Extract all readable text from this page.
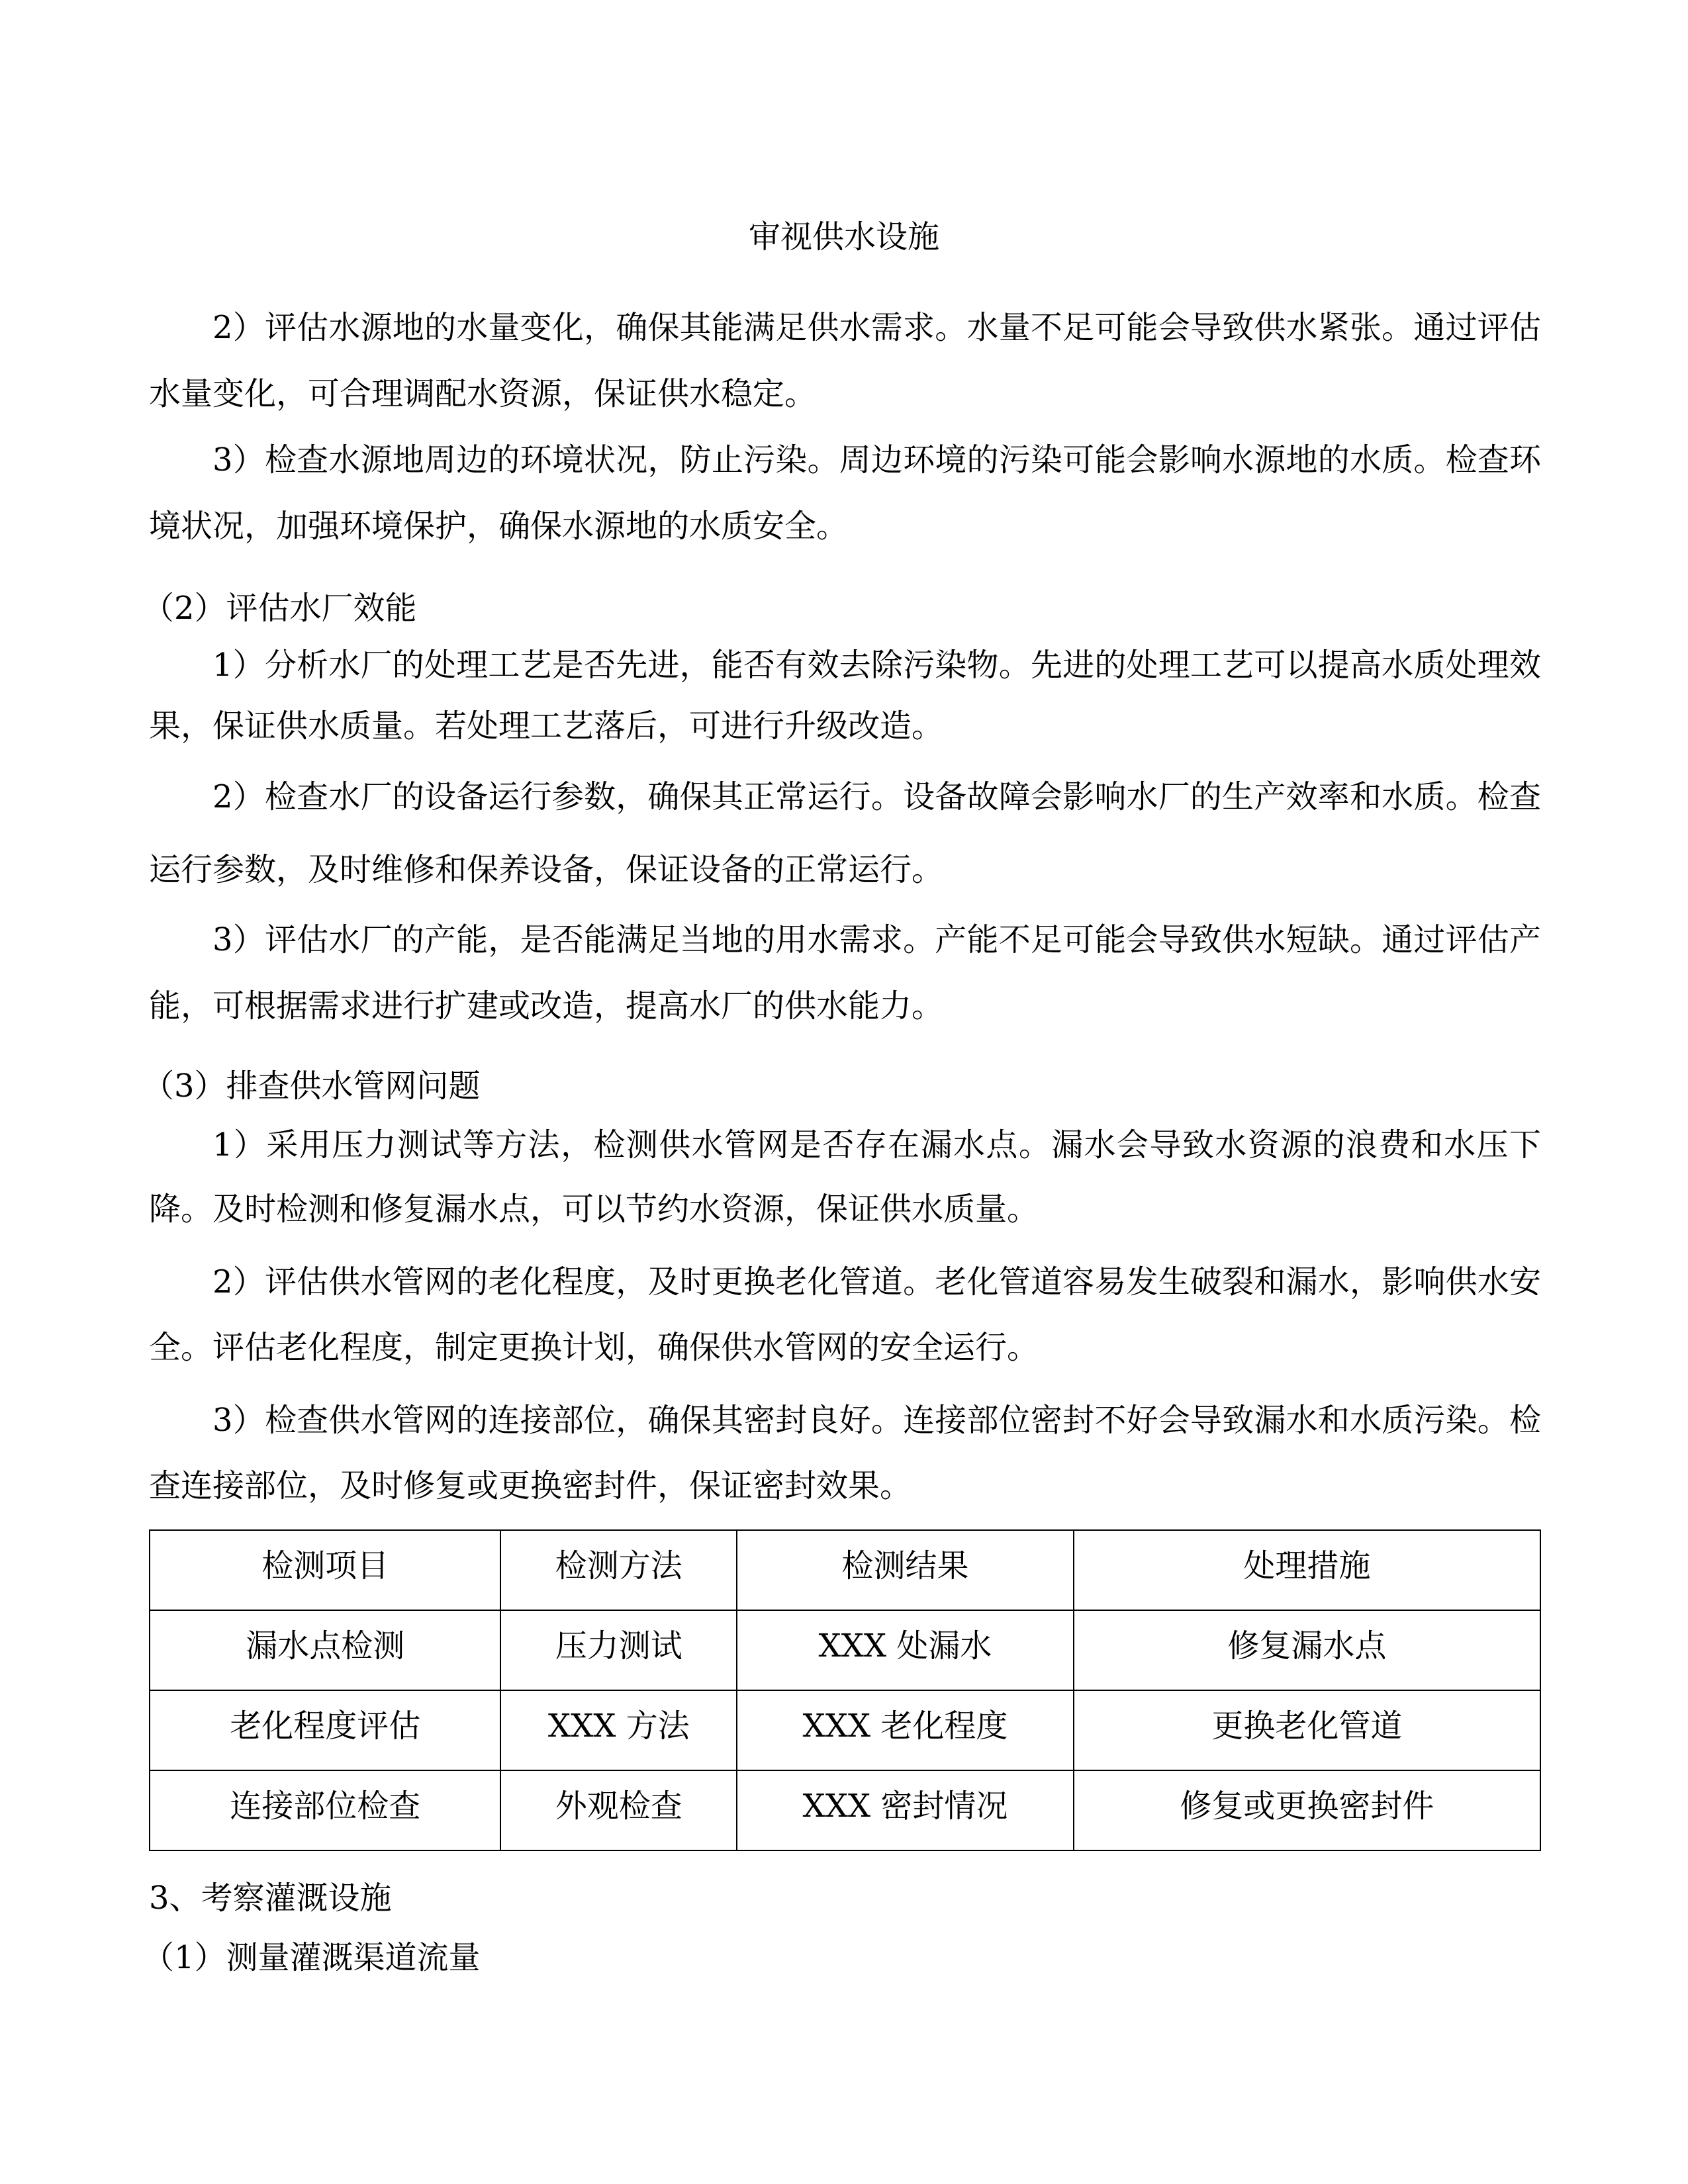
审视供水设施
2）评估水源地的水量变化，确保其能满足供水需求。水量不足可能会导致供水紧张。通过评估水量变化，可合理调配水资源，保证供水稳定。
3）检查水源地周边的环境状况，防止污染。周边环境的污染可能会影响水源地的水质。检查环境状况，加强环境保护，确保水源地的水质安全。
（2）评估水厂效能
1）分析水厂的处理工艺是否先进，能否有效去除污染物。先进的处理工艺可以提高水质处理效果，保证供水质量。若处理工艺落后，可进行升级改造。
2）检查水厂的设备运行参数，确保其正常运行。设备故障会影响水厂的生产效率和水质。检查运行参数，及时维修和保养设备，保证设备的正常运行。
3）评估水厂的产能，是否能满足当地的用水需求。产能不足可能会导致供水短缺。通过评估产能，可根据需求进行扩建或改造，提高水厂的供水能力。
（3）排查供水管网问题
1）采用压力测试等方法，检测供水管网是否存在漏水点。漏水会导致水资源的浪费和水压下降。及时检测和修复漏水点，可以节约水资源，保证供水质量。
2）评估供水管网的老化程度，及时更换老化管道。老化管道容易发生破裂和漏水，影响供水安全。评估老化程度，制定更换计划，确保供水管网的安全运行。
3）检查供水管网的连接部位，确保其密封良好。连接部位密封不好会导致漏水和水质污染。检查连接部位，及时修复或更换密封件，保证密封效果。
检测项目	检测方法	检测结果	处理措施
漏水点检测	压力测试	XXX 处漏水	修复漏水点
老化程度评估	XXX 方法	XXX 老化程度	更换老化管道
连接部位检查	外观检查	XXX 密封情况	修复或更换密封件
3、考察灌溉设施
（1）测量灌溉渠道流量
